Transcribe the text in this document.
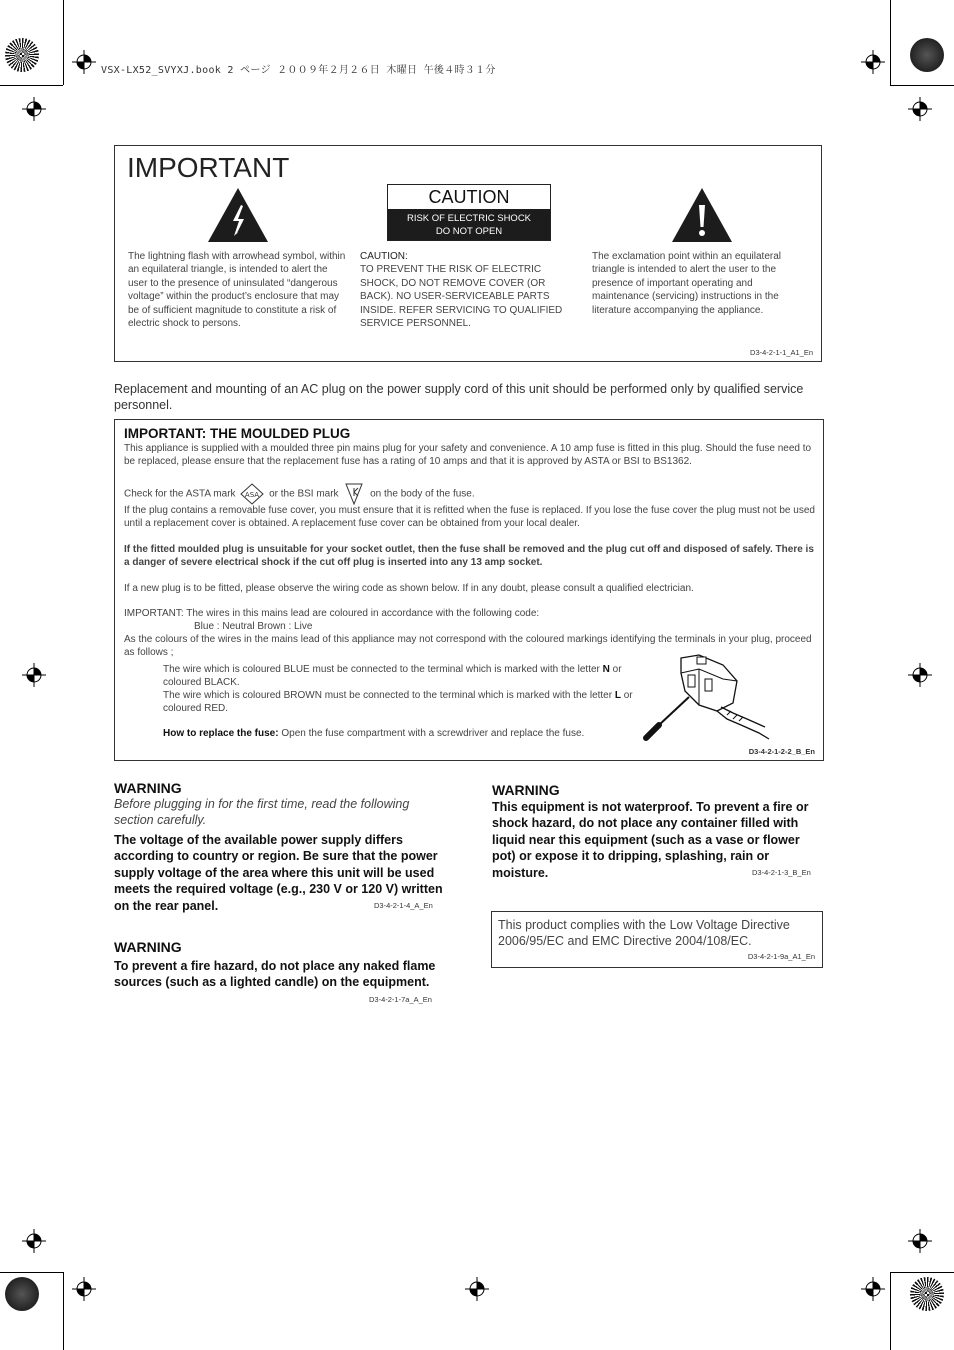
VSX-LX52_SVYXJ.book 2 ページ ２００９年２月２６日 木曜日 午後４時３１分
IMPORTANT
CAUTION
RISK OF ELECTRIC SHOCK
DO NOT OPEN
The lightning flash with arrowhead symbol, within an equilateral triangle, is intended to alert the user to the presence of uninsulated “dangerous voltage” within the product’s enclosure that may be of sufficient magnitude to constitute a risk of electric shock to persons.
CAUTION:
TO PREVENT THE RISK OF ELECTRIC SHOCK, DO NOT REMOVE COVER (OR BACK). NO USER-SERVICEABLE PARTS INSIDE. REFER SERVICING TO QUALIFIED SERVICE PERSONNEL.
The exclamation point within an equilateral triangle is intended to alert the user to the presence of important operating and maintenance (servicing) instructions in the literature accompanying the appliance.
D3-4-2-1-1_A1_En
Replacement and mounting of an AC plug on the power supply cord of this unit should be performed only by qualified service personnel.
IMPORTANT: THE MOULDED PLUG
This appliance is supplied with a moulded three pin mains plug for your safety and convenience. A 10 amp fuse is fitted in this plug. Should the fuse need to be replaced, please ensure that the replacement fuse has a rating of 10 amps and that it is approved by ASTA or BSI to BS1362.
Check for the ASTA mark ASA or the BSI mark	on the body of the fuse.
If the plug contains a removable fuse cover, you must ensure that it is refitted when the fuse is replaced. If you lose the fuse cover the plug must not be used until a replacement cover is obtained. A replacement fuse cover can be obtained from your local dealer.
If the fitted moulded plug is unsuitable for your socket outlet, then the fuse shall be removed and the plug cut off and disposed of safely. There is a danger of severe electrical shock if the cut off plug is inserted into any 13 amp socket.
If a new plug is to be fitted, please observe the wiring code as shown below. If in any doubt, please consult a qualified electrician.
IMPORTANT: The wires in this mains lead are coloured in accordance with the following code:
Blue : Neutral Brown : Live
As the colours of the wires in the mains lead of this appliance may not correspond with the coloured markings identifying the terminals in your plug, proceed as follows ;
The wire which is coloured BLUE must be connected to the terminal which is marked with the letter N or coloured BLACK.
The wire which is coloured BROWN must be connected to the terminal which is marked with the letter L or coloured RED.
How to replace the fuse: Open the fuse compartment with a screwdriver and replace the fuse.
D3-4-2-1-2-2_B_En
WARNING
Before plugging in for the first time, read the following section carefully.
The voltage of the available power supply differs according to country or region. Be sure that the power supply voltage of the area where this unit will be used meets the required voltage (e.g., 230 V or 120 V) written on the rear panel.	D3-4-2-1-4_A_En
WARNING
To prevent a fire hazard, do not place any naked flame sources (such as a lighted candle) on the equipment.
D3-4-2-1-7a_A_En
WARNING
This equipment is not waterproof. To prevent a fire or shock hazard, do not place any container filled with liquid near this equipment (such as a vase or flower pot) or expose it to dripping, splashing, rain or moisture.	D3-4-2-1-3_B_En
This product complies with the Low Voltage Directive 2006/95/EC and EMC Directive 2004/108/EC.
D3-4-2-1-9a_A1_En
